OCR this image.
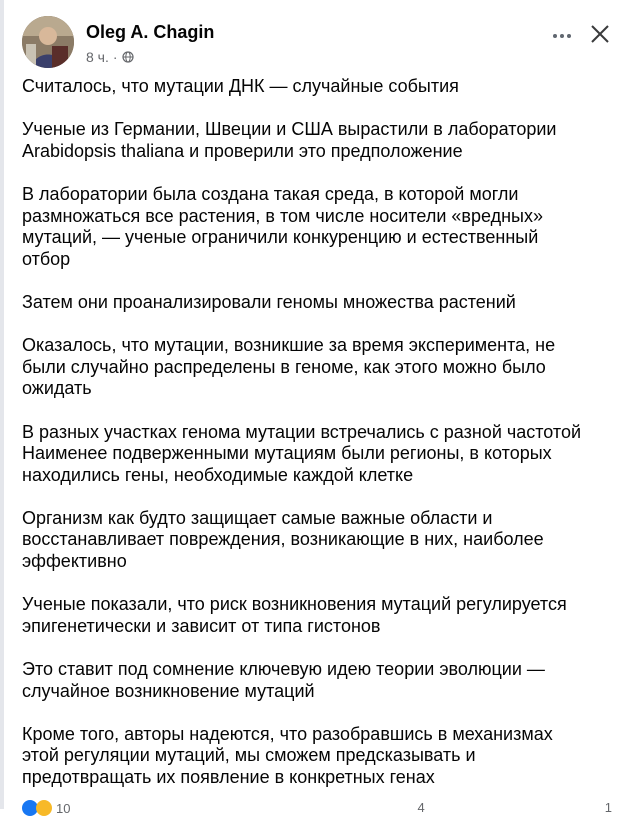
Oleg A. Chagin
8 ч. ·

Считалось, что мутации ДНК — случайные события

Ученые из Германии, Швеции и США вырастили в лаборатории
Arabidopsis thaliana и проверили это предположение

В лаборатории была создана такая среда, в которой могли
размножаться все растения, в том числе носители «вредных»
мутаций, — ученые ограничили конкуренцию и естественный
отбор

Затем они проанализировали геномы множества растений

Оказалось, что мутации, возникшие за время эксперимента, не
были случайно распределены в геноме, как этого можно было
ожидать

В разных участках генома мутации встречались с разной частотой
Наименее подверженными мутациям были регионы, в которых
находились гены, необходимые каждой клетке

Организм как будто защищает самые важные области и
восстанавливает повреждения, возникающие в них, наиболее
эффективно

Ученые показали, что риск возникновения мутаций регулируется
эпигенетически и зависит от типа гистонов

Это ставит под сомнение ключевую идею теории эволюции —
случайное возникновение мутаций

Кроме того, авторы надеются, что разобравшись в механизмах
этой регуляции мутаций, мы сможем предсказывать и
предотвращать их появление в конкретных генах

10	4	1
